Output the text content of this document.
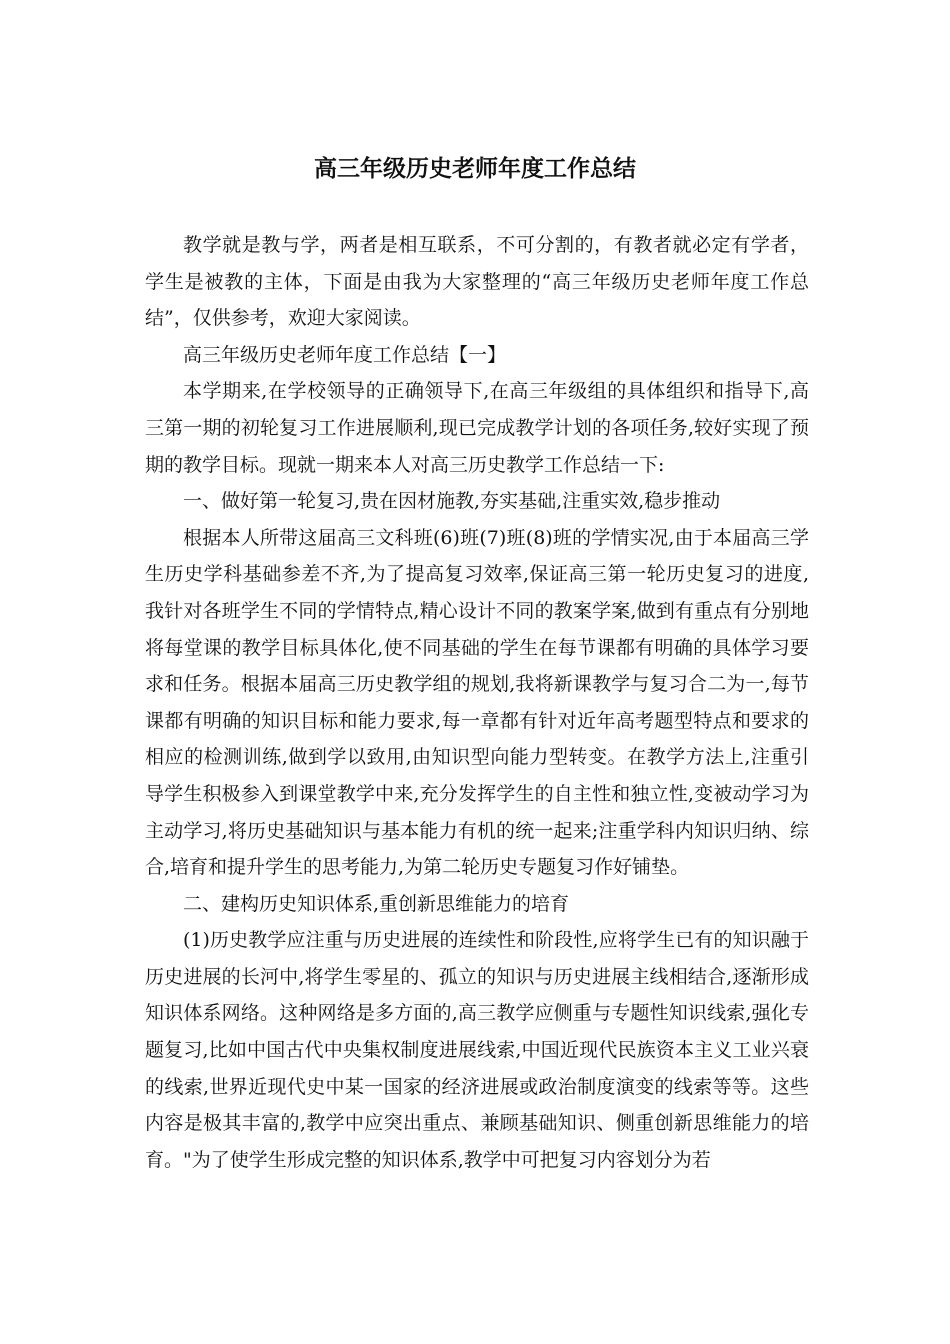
高三年级历史老师年度工作总结

教学就是教与学，两者是相互联系，不可分割的，有教者就必定有学者，学生是被教的主体，下面是由我为大家整理的“高三年级历史老师年度工作总结”，仅供参考，欢迎大家阅读。

高三年级历史老师年度工作总结【一】

本学期来,在学校领导的正确领导下,在高三年级组的具体组织和指导下,高三第一期的初轮复习工作进展顺利,现已完成教学计划的各项任务,较好实现了预期的教学目标。现就一期来本人对高三历史教学工作总结一下:

一、做好第一轮复习,贵在因材施教,夯实基础,注重实效,稳步推动

根据本人所带这届高三文科班(6)班(7)班(8)班的学情实况,由于本届高三学生历史学科基础参差不齐,为了提高复习效率,保证高三第一轮历史复习的进度,我针对各班学生不同的学情特点,精心设计不同的教案学案,做到有重点有分别地将每堂课的教学目标具体化,使不同基础的学生在每节课都有明确的具体学习要求和任务。根据本届高三历史教学组的规划,我将新课教学与复习合二为一,每节课都有明确的知识目标和能力要求,每一章都有针对近年高考题型特点和要求的相应的检测训练,做到学以致用,由知识型向能力型转变。在教学方法上,注重引导学生积极参入到课堂教学中来,充分发挥学生的自主性和独立性,变被动学习为主动学习,将历史基础知识与基本能力有机的统一起来;注重学科内知识归纳、综合,培育和提升学生的思考能力,为第二轮历史专题复习作好铺垫。

二、建构历史知识体系,重创新思维能力的培育

(1)历史教学应注重与历史进展的连续性和阶段性,应将学生已有的知识融于历史进展的长河中,将学生零星的、孤立的知识与历史进展主线相结合,逐渐形成知识体系网络。这种网络是多方面的,高三教学应侧重与专题性知识线索,强化专题复习,比如中国古代中央集权制度进展线索,中国近现代民族资本主义工业兴衰的线索,世界近现代史中某一国家的经济进展或政治制度演变的线索等等。这些内容是极其丰富的,教学中应突出重点、兼顾基础知识、侧重创新思维能力的培育。"为了使学生形成完整的知识体系,教学中可把复习内容划分为若
